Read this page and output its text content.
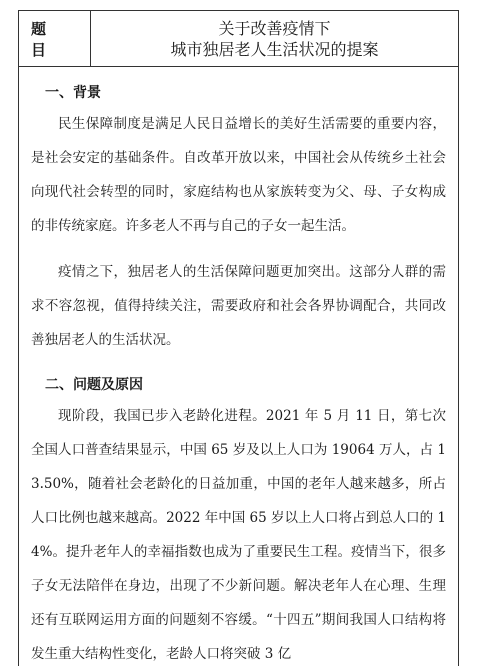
题　目
关于改善疫情下
城市独居老人生活状况的提案
一、背景

民生保障制度是满足人民日益增长的美好生活需要的重要内容，是社会安定的基础条件。自改革开放以来，中国社会从传统乡土社会向现代社会转型的同时，家庭结构也从家族转变为父、母、子女构成的非传统家庭。许多老人不再与自己的子女一起生活。

疫情之下，独居老人的生活保障问题更加突出。这部分人群的需求不容忽视，值得持续关注，需要政府和社会各界协调配合，共同改善独居老人的生活状况。

二、问题及原因

现阶段，我国已步入老龄化进程。2021 年 5 月 11 日，第七次全国人口普查结果显示，中国 65 岁及以上人口为 19064 万人，占 13.50%，随着社会老龄化的日益加重，中国的老年人越来越多，所占人口比例也越来越高。2022 年中国 65 岁以上人口将占到总人口的 14%。提升老年人的幸福指数也成为了重要民生工程。疫情当下，很多子女无法陪伴在身边，出现了不少新问题。解决老年人在心理、生理还有互联网运用方面的问题刻不容缓。“十四五”期间我国人口结构将发生重大结构性变化，老龄人口将突破 3 亿
